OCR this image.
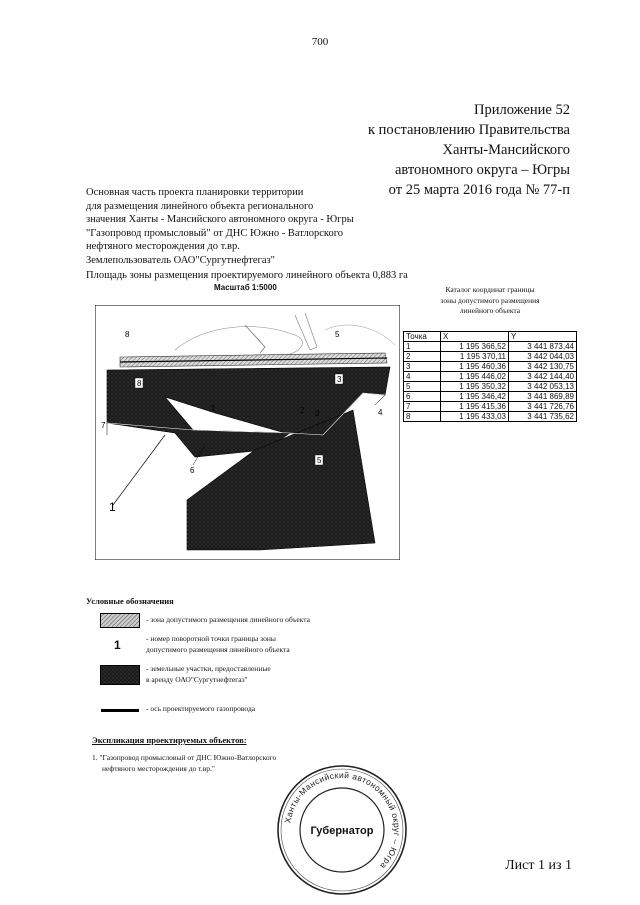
700
Приложение 52
к постановлению Правительства
Ханты-Мансийского
автономного округа – Югры
от 25 марта 2016 года № 77-п
Основная часть проекта планировки территории
для размещения линейного объекта регионального
значения Ханты - Мансийского автономного округа - Югры
"Газопровод промысловый" от ДНС Южно - Ватлорского
нефтяного месторождения до т.вр.
Землепользователь ОАО"Сургутнефтегаз"
Площадь зоны размещения проектируемого линейного объекта 0,883 га
Масштаб 1:5000
1	2 3	4
5
6
7
8
1
8	3
5
Каталог координат границы
зоны допустимого размещения
линейного объекта
Точка	X	Y
1	1 195 366,52	3 441 873,44
2	1 195 370,11	3 442 044,03
3	1 195 460,36	3 442 130,75
4	1 195 446,02	3 442 144,40
5	1 195 350,32	3 442 053,13
6	1 195 346,42	3 441 869,89
7	1 195 415,36	3 441 726,76
8	1 195 433,03	3 441 735,62
Условные обозначения
- зона допустимого размещения линейного объекта
1	- номер поворотной точки границы зоны
допустимого размещения линейного объекта
- земельные участки, предоставленные
в аренду ОАО"Сургутнефтегаз"
- ось проектируемого газопровода
Экспликация проектируемых объектов:
1. "Газопровод промысловый от ДНС Южно-Ватлорского
нефтяного месторождения до т.вр."
Ханты-Мансийский автономный округ – Югра
Губернатор
Лист 1 из 1
